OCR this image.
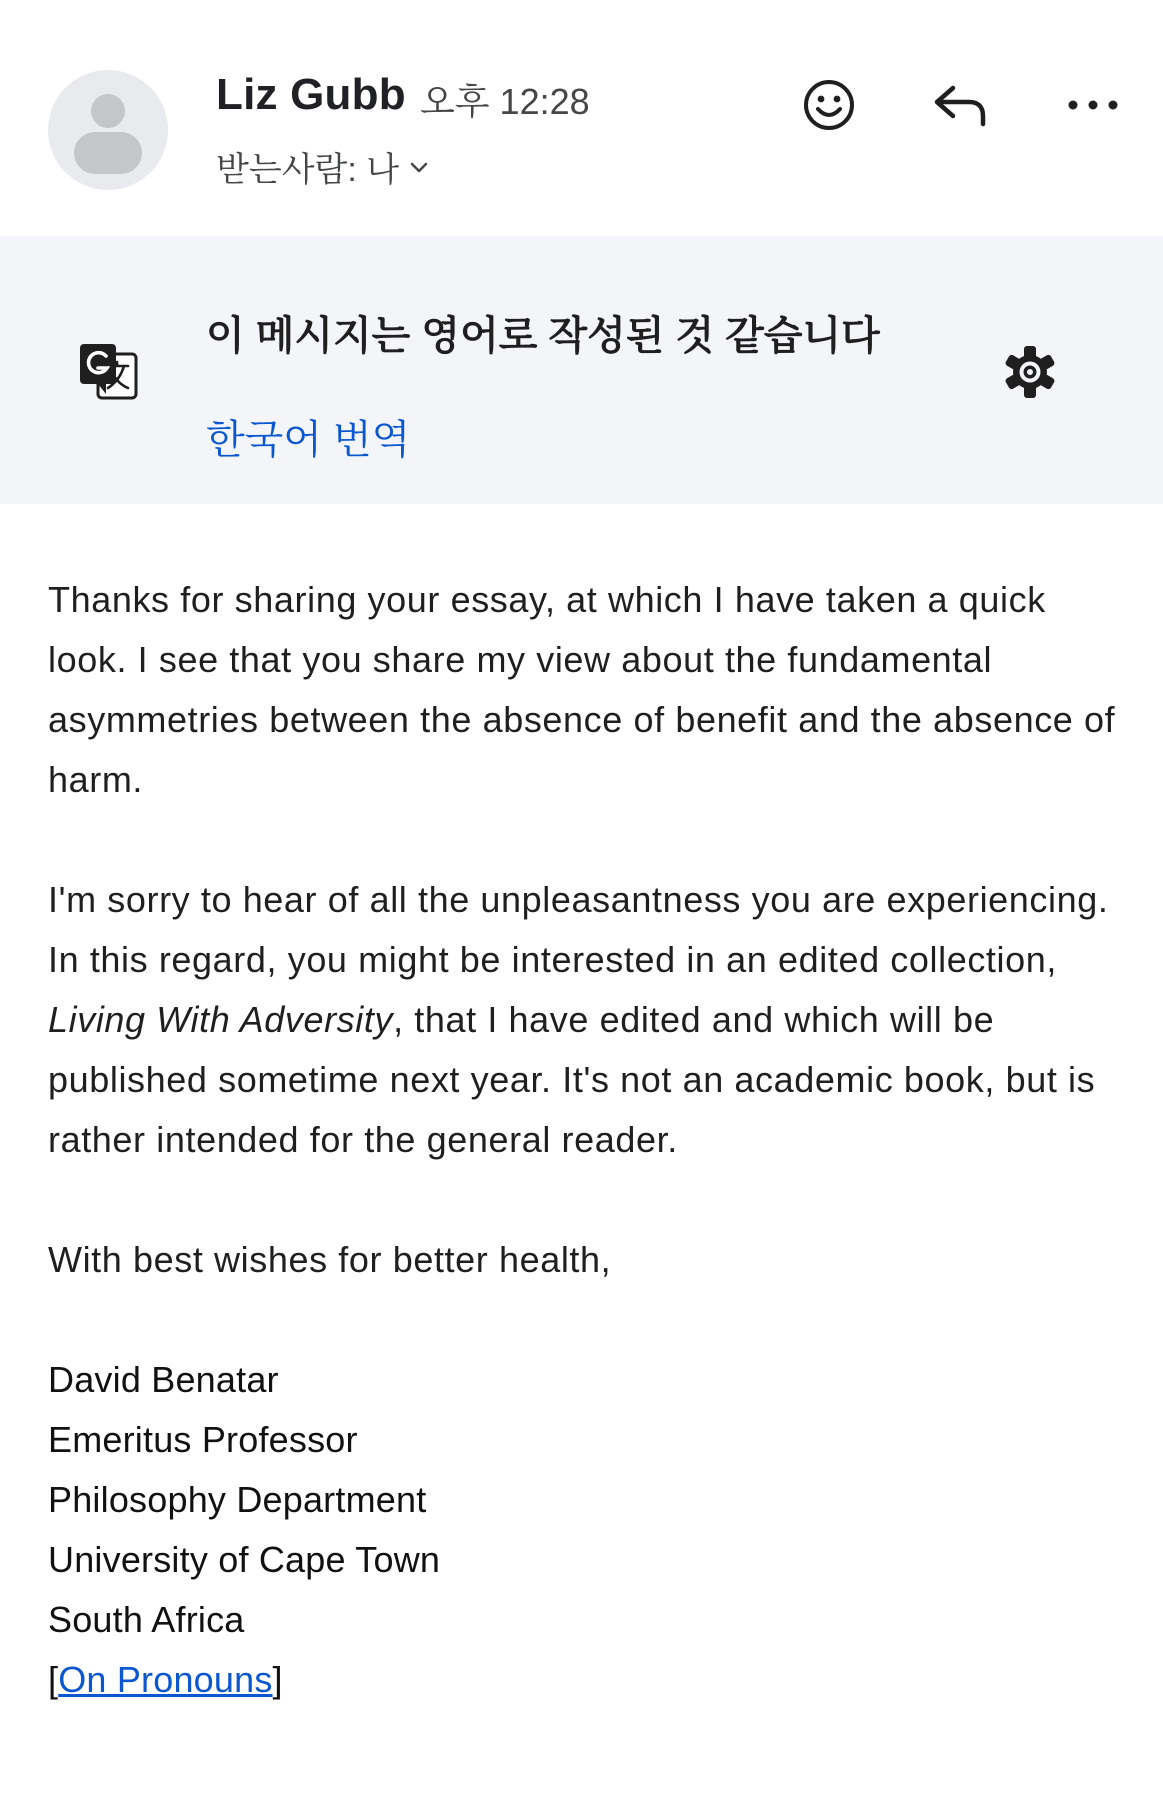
Liz Gubb 오후 12:28
받는사람: 나
이 메시지는 영어로 작성된 것 같습니다
한국어 번역

Thanks for sharing your essay, at which I have taken a quick look. I see that you share my view about the fundamental asymmetries between the absence of benefit and the absence of harm.

I'm sorry to hear of all the unpleasantness you are experiencing. In this regard, you might be interested in an edited collection, Living With Adversity, that I have edited and which will be published sometime next year. It's not an academic book, but is rather intended for the general reader.

With best wishes for better health,

David Benatar

Emeritus Professor

Philosophy Department

University of Cape Town

South Africa

[On Pronouns]
